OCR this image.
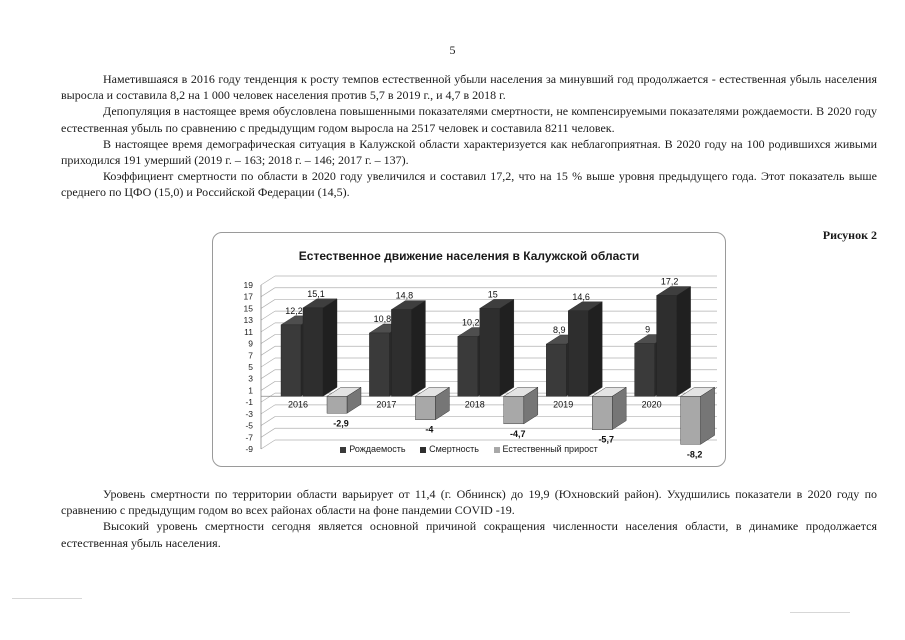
5

Наметившаяся в 2016 году тенденция к росту темпов естественной убыли населения за минувший год продолжается - естественная убыль населения выросла и составила 8,2 на 1 000 человек населения против 5,7 в 2019 г., и 4,7 в 2018 г.

Депопуляция в настоящее время обусловлена повышенными показателями смертности, не компенсируемыми показателями рождаемости. В 2020 году естественная убыль по сравнению с предыдущим годом выросла на 2517 человек и составила 8211 человек.

В настоящее время демографическая ситуация в Калужской области характеризуется как неблагоприятная. В 2020 году на 100 родившихся живыми приходился 191 умерший (2019 г. – 163; 2018 г. – 146; 2017 г. – 137).

Коэффициент смертности по области в 2020 году увеличился и составил 17,2, что на 15 % выше уровня предыдущего года. Этот показатель выше среднего по ЦФО (15,0) и Российской Федерации (14,5).

Рисунок 2
Естественное движение населения в Калужской области
19
17
15
13
11
9
7
5
3
1
-1
-3
-5
-7
-9
12,2
15,1
-2,9
2016
10,8
14,8
-4
2017
10,2
15
-4,7
2018
8,9
14,6
-5,7
2019
9
17,2
-8,2
2020
Рождаемость	Смертность	Естественный прирост

Уровень смертности по территории области варьирует от 11,4 (г. Обнинск) до 19,9 (Юхновский район). Ухудшились показатели в 2020 году по сравнению с предыдущим годом во всех районах области на фоне пандемии COVID -19.

Высокий уровень смертности сегодня является основной причиной сокращения численности населения области, в динамике продолжается естественная убыль населения.
